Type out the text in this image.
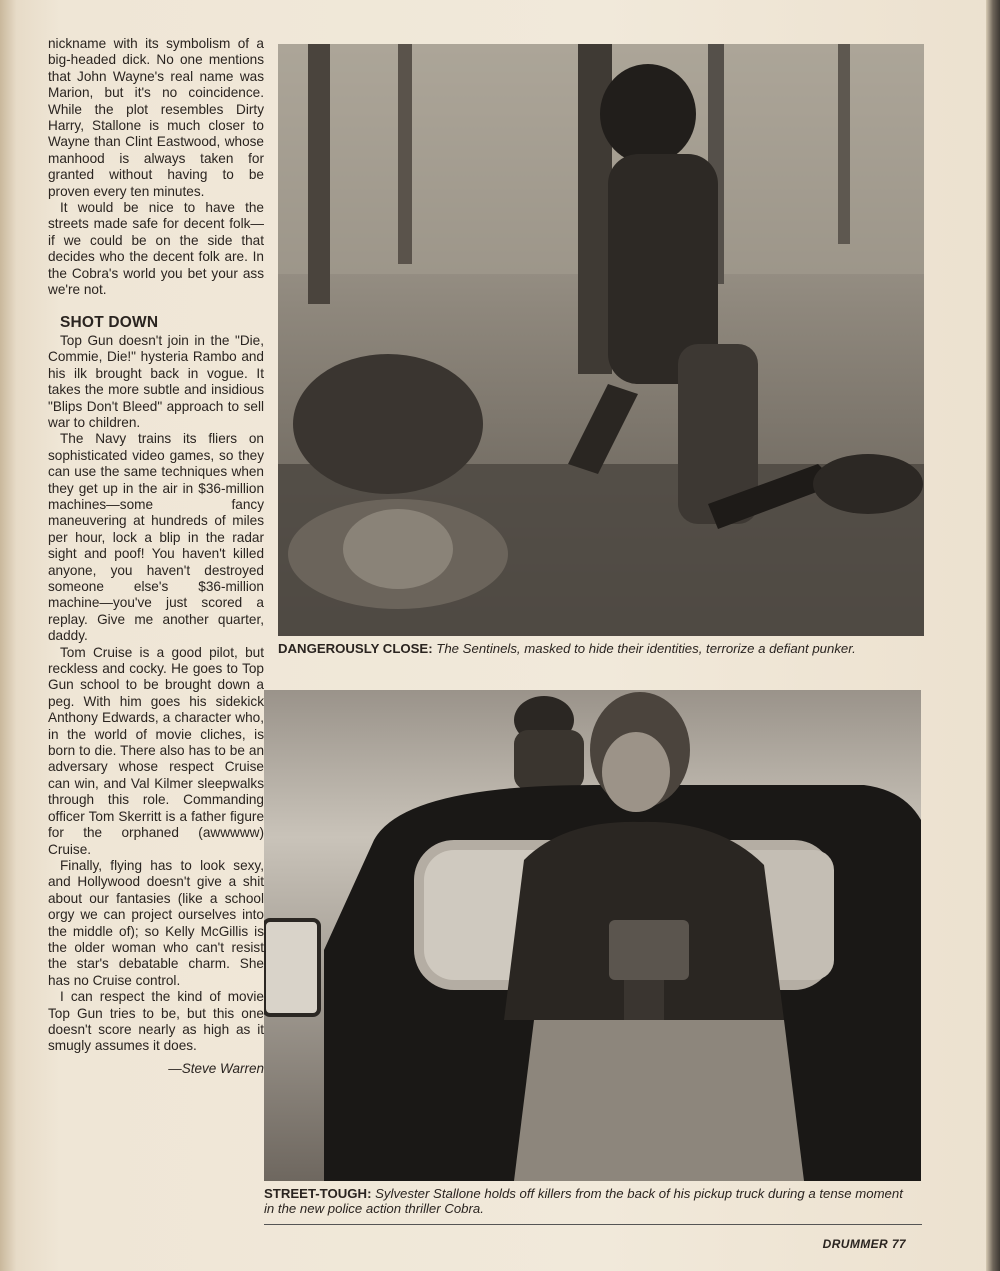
nickname with its symbolism of a big-headed dick. No one mentions that John Wayne's real name was Marion, but it's no coincidence. While the plot resembles Dirty Harry, Stallone is much closer to Wayne than Clint Eastwood, whose manhood is always taken for granted without having to be proven every ten minutes.

It would be nice to have the streets made safe for decent folk—if we could be on the side that decides who the decent folk are. In the Cobra's world you bet your ass we're not.

SHOT DOWN

Top Gun doesn't join in the "Die, Commie, Die!" hysteria Rambo and his ilk brought back in vogue. It takes the more subtle and insidious "Blips Don't Bleed" approach to sell war to children.

The Navy trains its fliers on sophisticated video games, so they can use the same techniques when they get up in the air in $36-million machines—some fancy maneuvering at hundreds of miles per hour, lock a blip in the radar sight and poof! You haven't killed anyone, you haven't destroyed someone else's $36-million machine—you've just scored a replay. Give me another quarter, daddy.

Tom Cruise is a good pilot, but reckless and cocky. He goes to Top Gun school to be brought down a peg. With him goes his sidekick Anthony Edwards, a character who, in the world of movie cliches, is born to die. There also has to be an adversary whose respect Cruise can win, and Val Kilmer sleepwalks through this role. Commanding officer Tom Skerritt is a father figure for the orphaned (awwwww) Cruise.

Finally, flying has to look sexy, and Hollywood doesn't give a shit about our fantasies (like a school orgy we can project ourselves into the middle of); so Kelly McGillis is the older woman who can't resist the star's debatable charm. She has no Cruise control.

I can respect the kind of movie Top Gun tries to be, but this one doesn't score nearly as high as it smugly assumes it does.

—Steve Warren
DANGEROUSLY CLOSE: The Sentinels, masked to hide their identities, terrorize a defiant punker.
STREET-TOUGH: Sylvester Stallone holds off killers from the back of his pickup truck during a tense moment in the new police action thriller Cobra.
DRUMMER 77
